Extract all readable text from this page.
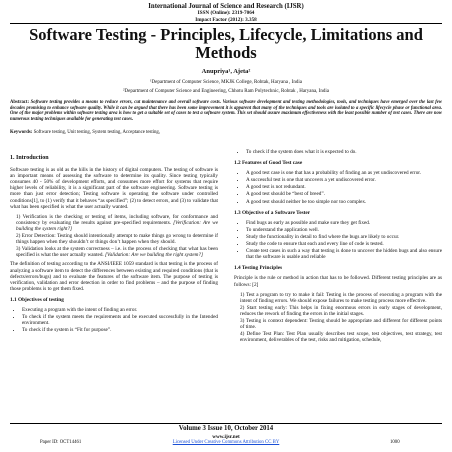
International Journal of Science and Research (IJSR)
ISSN (Online): 2319-7064
Impact Factor (2012): 3.358
Software Testing - Principles, Lifecycle, Limitations and Methods
Anupriya¹, Ajeta²
¹Department of Computer Science, MKJK College, Rohtak, Haryana , India
²Department of Computer Science and Engineering, Chhotu Ram Polytechnic, Rohtak , Haryana, India
Abstract: Software testing provides a means to reduce errors, cut maintenance and overall software costs. Various software development and testing methodologies, tools, and techniques have emerged over the last few decades promising to enhance software quality. While it can be argued that there has been some improvement it is apparent that many of the techniques and tools are isolated to a specific lifecycle phase or functional area. One of the major problems within software testing area is how to get a suitable set of cases to test a software system. This set should assure maximum effectiveness with the least possible number of test cases. There are now numerous testing techniques available for generating test cases.
Keywords: Software testing, Unit testing, System testing, Acceptance testing,
1. Introduction

Software testing is as old as the hills in the history of digital computers. The testing of software is an important means of assessing the software to determine its quality. Since testing typically consumes 40 - 50% of development efforts, and consumes more effort for systems that require higher levels of reliability, it is a significant part of the software engineering. Software testing is more than just error detection; Testing software is operating the software under controlled conditions[1], to (1) verify that it behaves “as specified”; (2) to detect errors, and (3) to validate that what has been specified is what the user actually wanted.

1) Verification is the checking or testing of items, including software, for conformance and consistency by evaluating the results against pre-specified requirements. [Verification: Are we building the system right?]
2) Error Detection: Testing should intentionally attempt to make things go wrong to determine if things happen when they shouldn’t or things don’t happen when they should.
3) Validation looks at the system correctness – i.e. is the process of checking that what has been specified is what the user actually wanted. [Validation: Are we building the right system?]

The definition of testing according to the ANSI/IEEE 1059 standard is that testing is the process of analyzing a software item to detect the differences between existing and required conditions (that is defects/errors/bugs) and to evaluate the features of the software item. The purpose of testing is verification, validation and error detection in order to find problems – and the purpose of finding those problems is to get them fixed.

1.1 Objectives of testing
• Executing a program with the intent of finding an error.
• To check if the system meets the requirements and be executed successfully in the Intended environment.
• To check if the system is “Fit for purpose”.
• To check if the system does what it is expected to do.
1.2 Features of Good Test case
• A good test case is one that has a probability of finding an as yet undiscovered error.
• A successful test is one that uncovers a yet undiscovered error.
• A good test is not redundant.
• A good test should be “best of breed”.
• A good test should neither be too simple nor too complex.
1.3 Objective of a Software Tester
• Find bugs as early as possible and make sure they get fixed.
• To understand the application well.
• Study the functionality in detail to find where the bugs are likely to occur.
• Study the code to ensure that each and every line of code is tested.
• Create test cases in such a way that testing is done to uncover the hidden bugs and also ensure that the software is usable and reliable
1.4 Testing Principles

Principle is the rule or method in action that has to be followed. Different testing principles are as follows: [2]

1) Test a program to try to make it fail: Testing is the process of executing a program with the intent of finding errors. We should expose failures to make testing process more effective.
2) Start testing early: This helps in fixing enormous errors in early stages of development, reduces the rework of finding the errors in the initial stages.
3) Testing is context dependent: Testing should be appropriate and different for different points of time.
4) Define Test Plan: Test Plan usually describes test scope, test objectives, test strategy, test environment, deliverables of the test, risks and mitigation, schedule,
Volume 3 Issue 10, October 2014
www.ijsr.net
Paper ID: OCT14461	Licensed Under Creative Commons Attribution CC BY	1000
